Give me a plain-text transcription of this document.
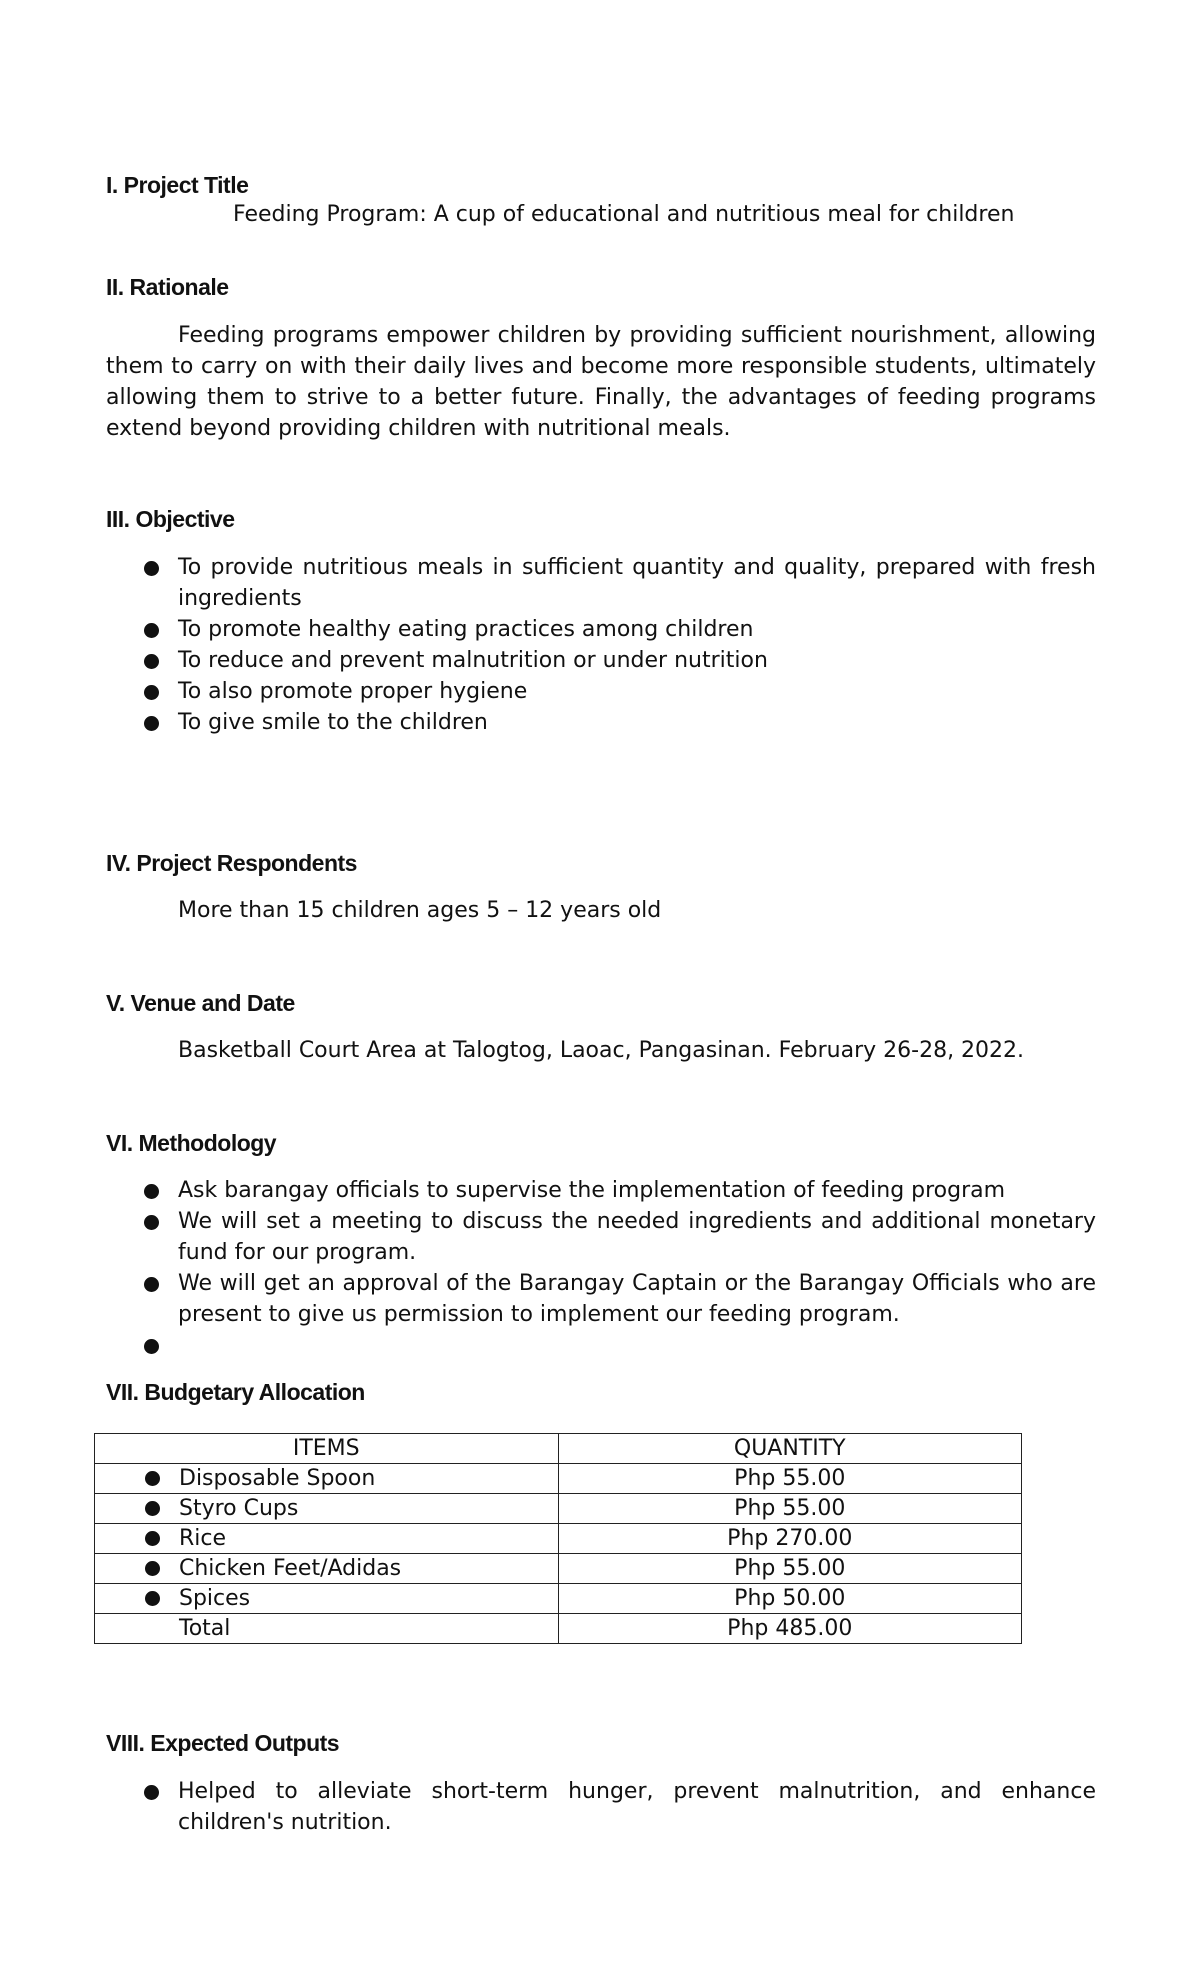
I. Project Title

Feeding Program: A cup of educational and nutritious meal for children

II. Rationale

Feeding programs empower children by providing sufficient nourishment, allowing them to carry on with their daily lives and become more responsible students, ultimately allowing them to strive to a better future. Finally, the advantages of feeding programs extend beyond providing children with nutritional meals.

III. Objective
To provide nutritious meals in sufficient quantity and quality, prepared with fresh ingredients
To promote healthy eating practices among children
To reduce and prevent malnutrition or under nutrition
To also promote proper hygiene
To give smile to the children
IV. Project Respondents

More than 15 children ages 5 – 12 years old

V. Venue and Date

Basketball Court Area at Talogtog, Laoac, Pangasinan. February 26-28, 2022.

VI. Methodology
Ask barangay officials to supervise the implementation of feeding program
We will set a meeting to discuss the needed ingredients and additional monetary fund for our program.
We will get an approval of the Barangay Captain or the Barangay Officials who are present to give us permission to implement our feeding program.
VII. Budgetary Allocation
ITEMS	QUANTITY

Disposable Spoon	Php 55.00

Styro Cups	Php 55.00

Rice	Php 270.00

Chicken Feet/Adidas	Php 55.00

Spices	Php 50.00
Total	Php 485.00
VIII. Expected Outputs
Helped to alleviate short-term hunger, prevent malnutrition, and enhance children's nutrition.
